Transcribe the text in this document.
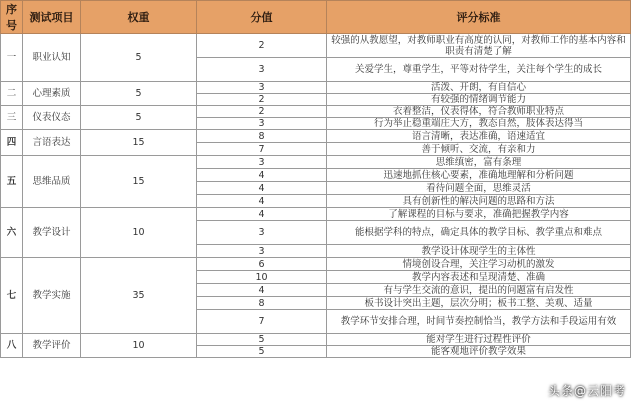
序号	测试项目	权重	分值	评分标准
一	职业认知	5	2	较强的从教愿望，对教师职业有高度的认同，对教师工作的基本内容和职责有清楚了解
			3	关爱学生，尊重学生，平等对待学生，关注每个学生的成长
二	心理素质	5	3	活泼、开朗，有自信心
			2	有较强的情绪调节能力
三	仪表仪态	5	2	衣着整洁，仪表得体，符合教师职业特点
			3	行为举止稳重端庄大方，教态自然，肢体表达得当
四	言语表达	15	8	语言清晰，表达准确，语速适宜
			7	善于倾听、交流，有亲和力
五	思维品质	15	3	思维缜密，富有条理
			4	迅速地抓住核心要素，准确地理解和分析问题
			4	看待问题全面，思维灵活
			4	具有创新性的解决问题的思路和方法
六	教学设计	10	4	了解课程的目标与要求，准确把握教学内容
			3	能根据学科的特点，确定具体的教学目标、教学重点和难点
			3	教学设计体现学生的主体性
七	教学实施	35	6	情境创设合理，关注学习动机的激发
			10	教学内容表述和呈现清楚、准确
			4	有与学生交流的意识，提出的问题富有启发性
			8	板书设计突出主题，层次分明；板书工整、美观、适量
			7	教学环节安排合理，时间节奏控制恰当，教学方法和手段运用有效
八	教学评价	10	5	能对学生进行过程性评价
			5	能客观地评价教学效果
头条@云阳考
